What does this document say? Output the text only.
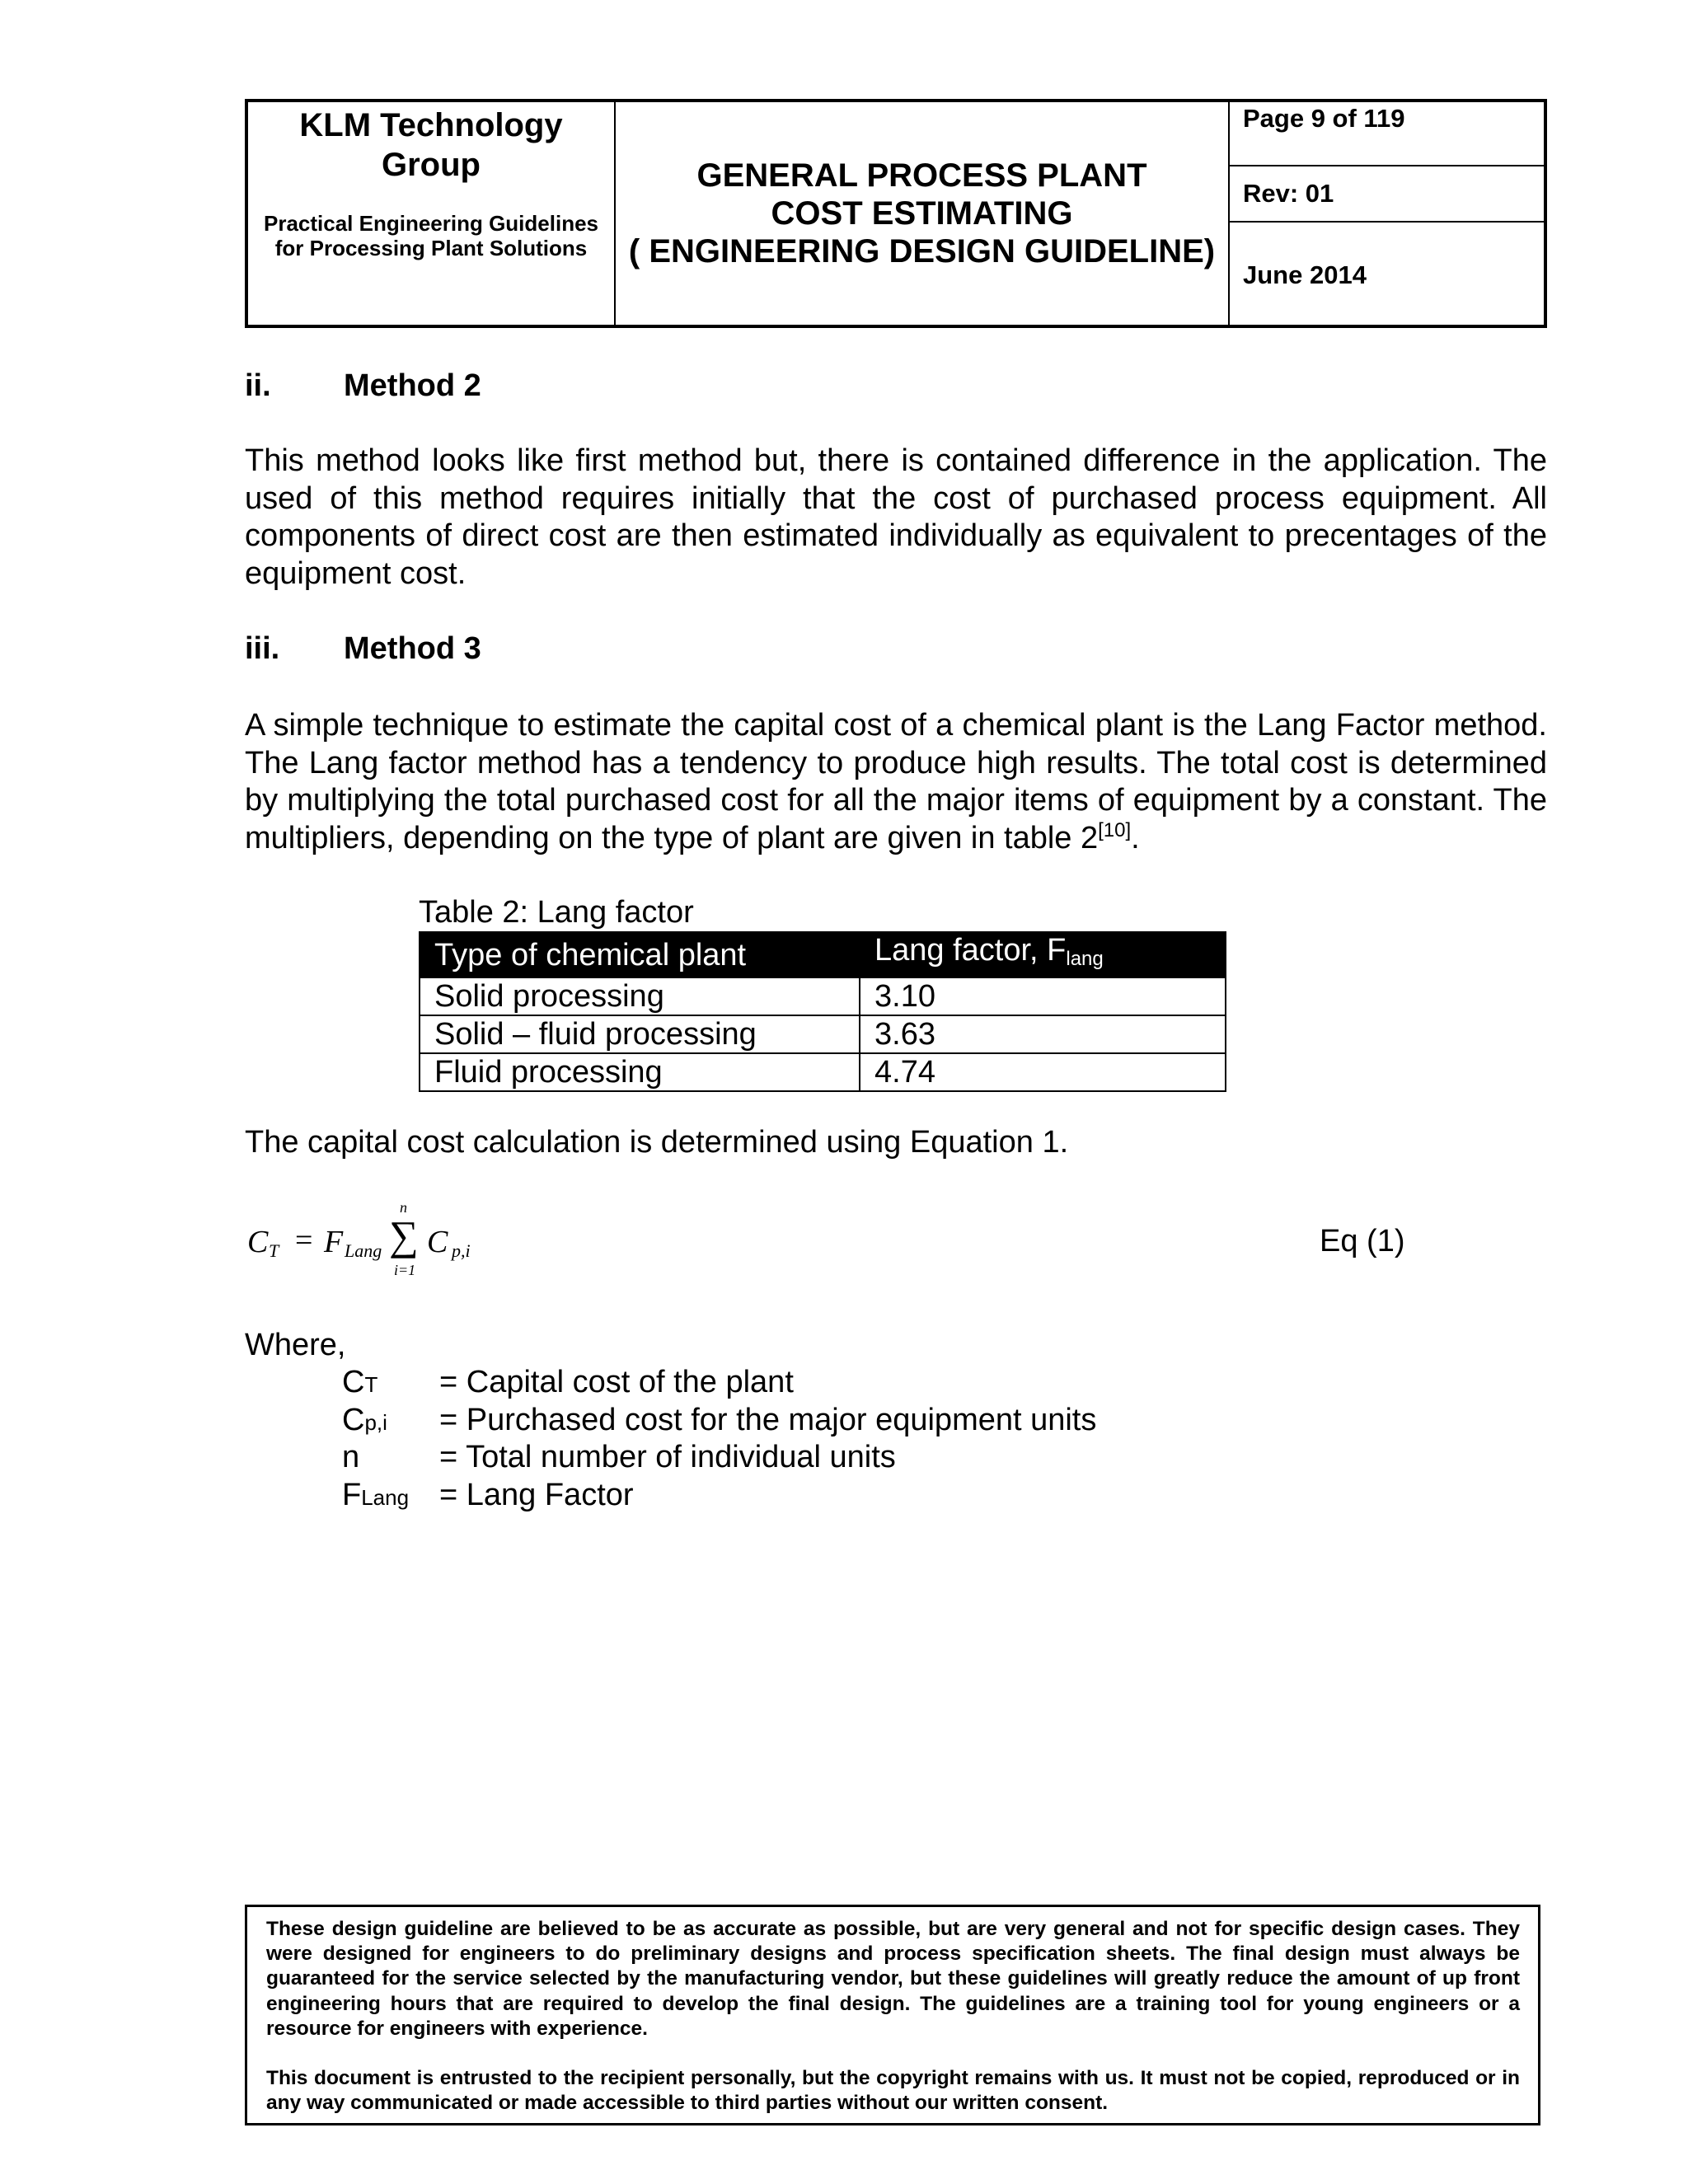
KLM Technology Group
Practical Engineering Guidelines for Processing Plant Solutions
GENERAL PROCESS PLANT
COST ESTIMATING
( ENGINEERING DESIGN GUIDELINE)
Page 9 of 119
Rev: 01
June 2014
ii. Method 2
This method looks like first method but, there is contained difference in the application. The used of this method requires initially that the cost of purchased process equipment. All components of direct cost are then estimated individually as equivalent to precentages of the equipment cost.
iii. Method 3
A simple technique to estimate the capital cost of a chemical plant is the Lang Factor method. The Lang factor method has a tendency to produce high results. The total cost is determined by multiplying the total purchased cost for all the major items of equipment by a constant. The multipliers, depending on the type of plant are given in table 2[10].
Table 2: Lang factor
Type of chemical plant	Lang factor, $F_{lang}$
Solid processing	3.10
Solid – fluid processing	3.63
Fluid processing	4.74
The capital cost calculation is determined using Equation 1.
C T = F Lang
n
∑
i=1
C p,i	Eq (1)
Where,
CT = Capital cost of the plant
Cp,i = Purchased cost for the major equipment units
n	= Total number of individual units
FLang = Lang Factor

These design guideline are believed to be as accurate as possible, but are very general and not for specific design cases. They were designed for engineers to do preliminary designs and process specification sheets. The final design must always be guaranteed for the service selected by the manufacturing vendor, but these guidelines will greatly reduce the amount of up front engineering hours that are required to develop the final design. The guidelines are a training tool for young engineers or a resource for engineers with experience.

This document is entrusted to the recipient personally, but the copyright remains with us. It must not be copied, reproduced or in any way communicated or made accessible to third parties without our written consent.
